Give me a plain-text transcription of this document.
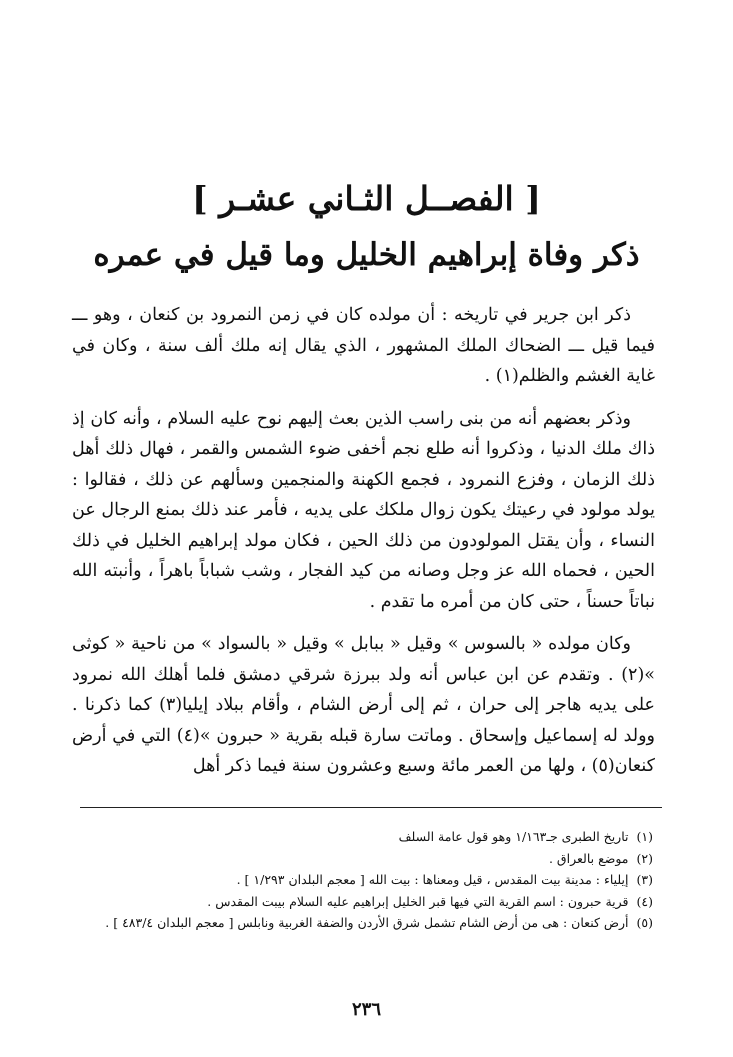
[ الفصــل الثـاني عشـر ]
ذكر وفاة إبراهيم الخليل وما قيل في عمره

ذكر ابن جرير في تاريخه : أن مولده كان في زمن النمرود بن كنعان ، وهو ـــ فيما قيل ـــ الضحاك الملك المشهور ، الذي يقال إنه ملك ألف سنة ، وكان في غاية الغشم والظلم(١) .

وذكر بعضهم أنه من بنى راسب الذين بعث إليهم نوح عليه السلام ، وأنه كان إذ ذاك ملك الدنيا ، وذكروا أنه طلع نجم أخفى ضوء الشمس والقمر ، فهال ذلك أهل ذلك الزمان ، وفزع النمرود ، فجمع الكهنة والمنجمين وسألهم عن ذلك ، فقالوا : يولد مولود في رعيتك يكون زوال ملكك على يديه ، فأمر عند ذلك بمنع الرجال عن النساء ، وأن يقتل المولودون من ذلك الحين ، فكان مولد إبراهيم الخليل في ذلك الحين ، فحماه الله عز وجل وصانه من كيد الفجار ، وشب شباباً باهراً ، وأنبته الله نباتاً حسناً ، حتى كان من أمره ما تقدم .

وكان مولده « بالسوس » وقيل « ببابل » وقيل « بالسواد » من ناحية « كوثى »(٢) . وتقدم عن ابن عباس أنه ولد ببرزة شرقي دمشق فلما أهلك الله نمرود على يديه هاجر إلى حران ، ثم إلى أرض الشام ، وأقام ببلاد إيليا(٣) كما ذكرنا . وولد له إسماعيل وإسحاق . وماتت سارة قبله بقرية « حبرون »(٤) التي في أرض كنعان(٥) ، ولها من العمر مائة وسبع وعشرون سنة فيما ذكر أهل

(١) تاريخ الطبرى جـ١/١٦٣ وهو قول عامة السلف

(٢) موضع بالعراق .

(٣) إيلياء : مدينة بيت المقدس ، قيل ومعناها : بيت الله [ معجم البلدان ١/٢٩٣ ] .

(٤) قرية حبرون : اسم القرية التي فيها قبر الخليل إبراهيم عليه السلام بيبت المقدس .

(٥) أرض كنعان : هى من أرض الشام تشمل شرق الأردن والضفة الغربية ونابلس [ معجم البلدان ٤٨٣/٤ ] .

٢٣٦
